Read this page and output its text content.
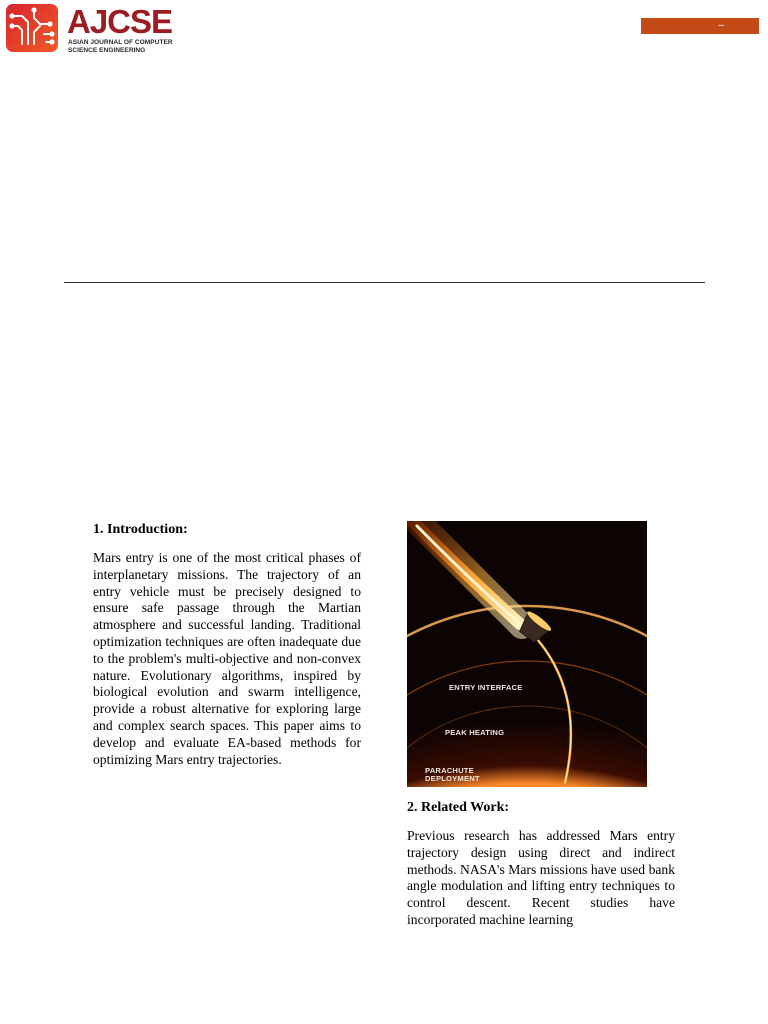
AJCSE
ASIAN JOURNAL OF COMPUTER
SCIENCE ENGINEERING
–
1. Introduction:

Mars entry is one of the most critical phases of interplanetary missions. The trajectory of an entry vehicle must be precisely designed to ensure safe passage through the Martian atmosphere and successful landing. Traditional optimization techniques are often inadequate due to the problem's multi-objective and non-convex nature. Evolutionary algorithms, inspired by biological evolution and swarm intelligence, provide a robust alternative for exploring large and complex search spaces. This paper aims to develop and evaluate EA-based methods for optimizing Mars entry trajectories.

ENTRY INTERFACE
PEAK HEATING
PARACHUTE
DEPLOYMENT
2. Related Work:

Previous research has addressed Mars entry trajectory design using direct and indirect methods. NASA's Mars missions have used bank angle modulation and lifting entry techniques to control descent. Recent studies have incorporated machine learning
